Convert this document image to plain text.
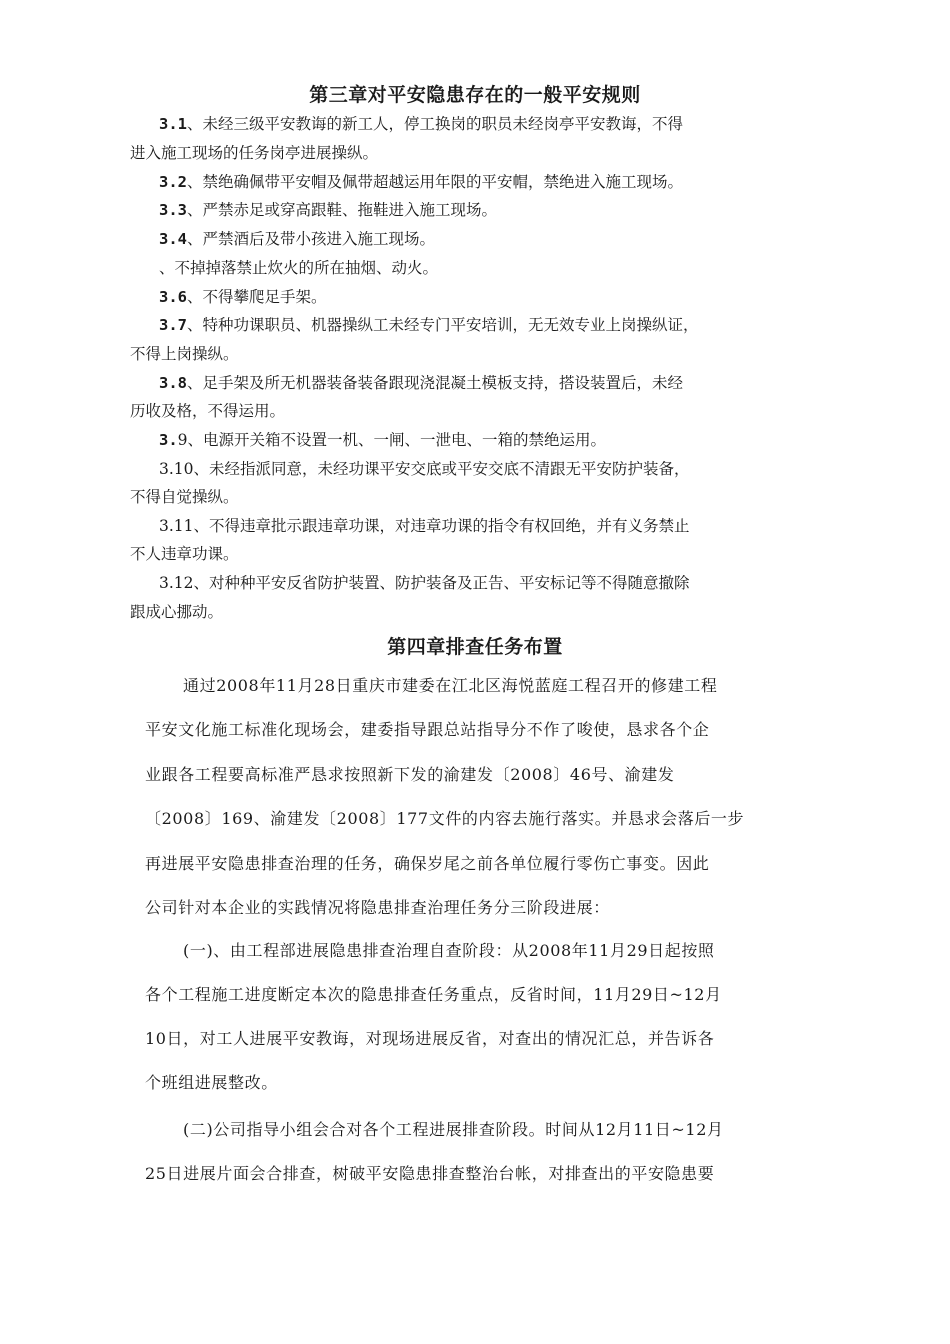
第三章对平安隐患存在的一般平安规则
3.1、未经三级平安教诲的新工人，停工换岗的职员未经岗亭平安教诲，不得
进入施工现场的任务岗亭进展操纵。
3.2、禁绝确佩带平安帽及佩带超越运用年限的平安帽，禁绝进入施工现场。
3.3、严禁赤足或穿高跟鞋、拖鞋进入施工现场。
3.4、严禁酒后及带小孩进入施工现场。
、不掉掉落禁止炊火的所在抽烟、动火。
3.6、不得攀爬足手架。
3.7、特种功课职员、机器操纵工未经专门平安培训，无无效专业上岗操纵证，
不得上岗操纵。
3.8、足手架及所无机器装备装备跟现浇混凝土模板支持，搭设装置后，未经
历收及格，不得运用。
3.9、电源开关箱不设置一机、一闸、一泄电、一箱的禁绝运用。
3.10、未经指派同意，未经功课平安交底或平安交底不清跟无平安防护装备，
不得自觉操纵。
3.11、不得违章批示跟违章功课，对违章功课的指令有权回绝，并有义务禁止
不人违章功课。
3.12、对种种平安反省防护装置、防护装备及正告、平安标记等不得随意撤除
跟成心挪动。
第四章排查任务布置
通过2008年11月28日重庆市建委在江北区海悦蓝庭工程召开的修建工程
平安文化施工标准化现场会，建委指导跟总站指导分不作了唆使，恳求各个企
业跟各工程要高标准严恳求按照新下发的渝建发〔2008〕46号、渝建发
〔2008〕169、渝建发〔2008〕177文件的内容去施行落实。并恳求会落后一步
再进展平安隐患排查治理的任务，确保岁尾之前各单位履行零伤亡事变。因此
公司针对本企业的实践情况将隐患排查治理任务分三阶段进展：
(一)、由工程部进展隐患排查治理自查阶段：从2008年11月29日起按照
各个工程施工进度断定本次的隐患排查任务重点，反省时间，11月29日~12月
10日，对工人进展平安教诲，对现场进展反省，对查出的情况汇总，并告诉各
个班组进展整改。
(二)公司指导小组会合对各个工程进展排查阶段。时间从12月11日~12月
25日进展片面会合排查，树破平安隐患排查整治台帐，对排查出的平安隐患要
